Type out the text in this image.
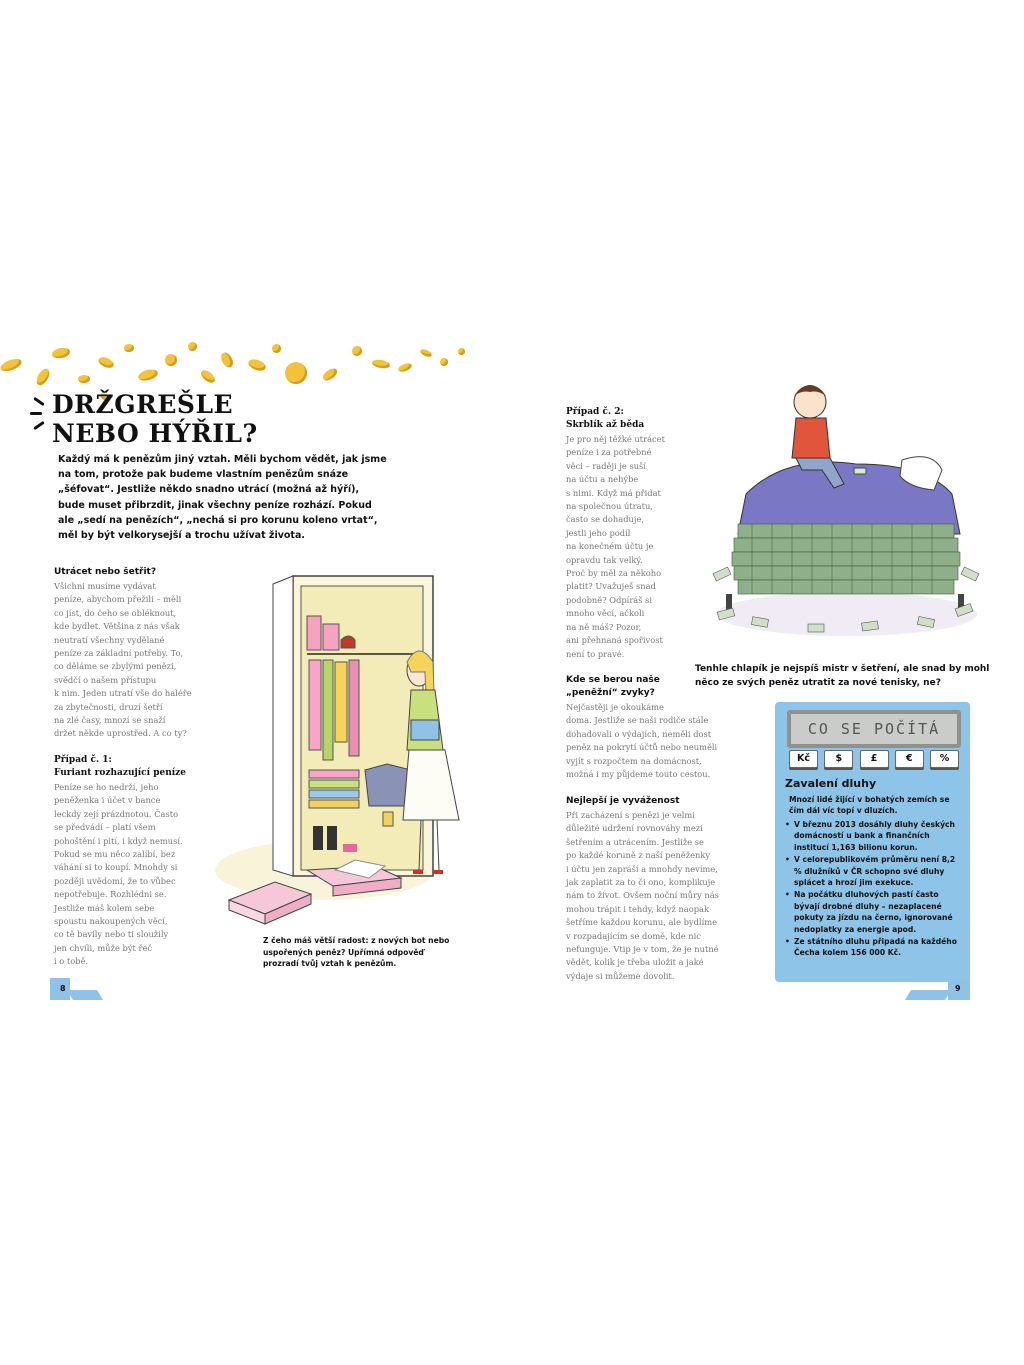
DRŽGREŠLE
NEBO HÝŘIL?

Každý má k penězům jiný vztah. Měli bychom vědět, jak jsme na tom, protože pak budeme vlastním penězům snáze „šéfovat“. Jestliže někdo snadno utrácí (možná až hýří), bude muset přibrzdit, jinak všechny peníze rozhází. Pokud ale „sedí na penězích“, „nechá si pro korunu koleno vrtat“, měl by být velkorysejší a trochu užívat života.

Utrácet nebo šetřit?

Všichni musíme vydávat
peníze, abychom přežili – měli
co jíst, do čeho se obléknout,
kde bydlet. Většina z nás však
neutratí všechny vydělané
peníze za základní potřeby. To,
co děláme se zbylými penězi,
svědčí o našem přístupu
k nim. Jeden utratí vše do haléře
za zbytečnosti, druzí šetří
na zlé časy, mnozí se snaží
držet někde uprostřed. A co ty?

Případ č. 1:

Furiant rozhazující peníze

Peníze se ho nedrží, jeho
peněženka i účet v bance
leckdy zejí prázdnotou. Často
se předvádí – platí všem
pohoštění i pití, i když nemusí.
Pokud se mu něco zalíbí, bez
váhání si to koupí. Mnohdy si
později uvědomí, že to vůbec
nepotřebuje. Rozhlédni se.
Jestliže máš kolem sebe
spoustu nakoupených věcí,
co tě bavily nebo ti sloužily
jen chvíli, může být řeč
i o tobě.

Z čeho máš větší radost: z nových bot nebo uspořených peněz? Upřímná odpověď prozradí tvůj vztah k penězům.

8

Případ č. 2:

Skrblík až běda

Je pro něj těžké utrácet
peníze i za potřebné
věci – raději je suší
na účtu a nehýbe
s nimi. Když má přidat
na společnou útratu,
často se dohaduje,
jestli jeho podíl
na konečném účtu je
opravdu tak velký.
Proč by měl za někoho
platit? Uvažuješ snad
podobně? Odpíráš si
mnoho věcí, ačkoli
na ně máš? Pozor,
ani přehnaná spořivost
není to pravé.

Kde se berou naše

„peněžní“ zvyky?

Nejčastěji je okoukáme
doma. Jestliže se naši rodiče stále
dohadovali o výdajích, neměli dost
peněz na pokrytí účtů nebo neuměli
vyjít s rozpočtem na domácnost,
možná i my půjdeme touto cestou.

Nejlepší je vyváženost

Při zacházení s penězi je velmi
důležité udržení rovnováhy mezi
šetřením a utrácením. Jestliže se
po každé koruně z naší peněženky
i účtu jen zapráší a mnohdy nevíme,
jak zaplatit za to či ono, komplikuje
nám to život. Ovšem noční můry nás
mohou trápit i tehdy, když naopak
šetříme každou korunu, ale bydlíme
v rozpadajícím se domě, kde nic
nefunguje. Vtip je v tom, že je nutné
vědět, kolik je třeba uložit a jaké
výdaje si můžeme dovolit.

Tenhle chlapík je nejspíš mistr v šetření, ale snad by mohl něco ze svých peněz utratit za nové tenisky, ne?

CO SE POČÍTÁ
Kč	$	£	€	%

Zavalení dluhy

Mnozí lidé žijící v bohatých zemích se čím dál víc topí v dluzích.

• V březnu 2013 dosáhly dluhy českých domácností u bank a finančních institucí 1,163 bilionu korun.
• V celorepublikovém průměru není 8,2 % dlužníků v ČR schopno své dluhy splácet a hrozí jim exekuce.
• Na počátku dluhových pastí často bývají drobné dluhy – nezaplacené pokuty za jízdu na černo, ignorované nedoplatky za energie apod.
• Ze státního dluhu připadá na každého Čecha kolem 156 000 Kč.
9
